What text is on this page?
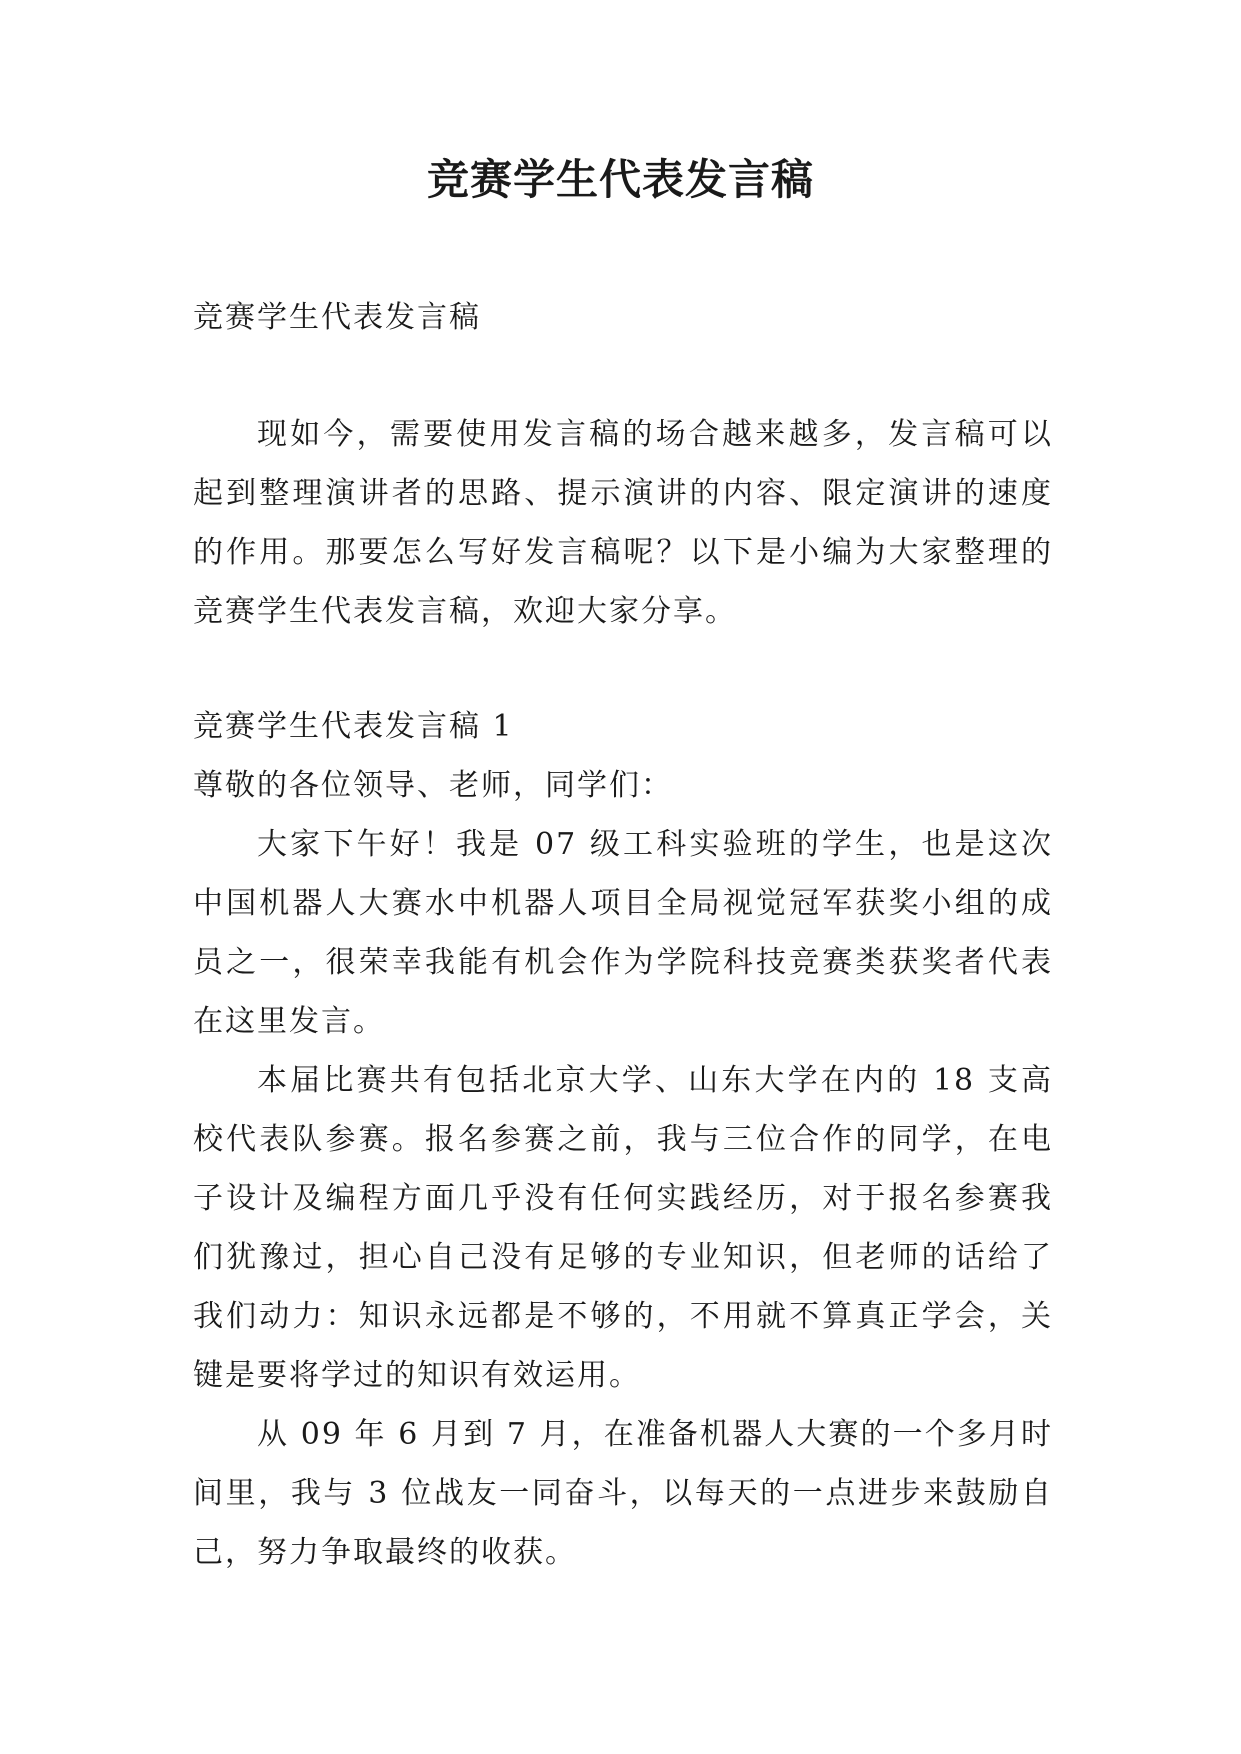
竞赛学生代表发言稿

竞赛学生代表发言稿

现如今，需要使用发言稿的场合越来越多，发言稿可以起到整理演讲者的思路、提示演讲的内容、限定演讲的速度的作用。那要怎么写好发言稿呢？以下是小编为大家整理的竞赛学生代表发言稿，欢迎大家分享。

竞赛学生代表发言稿 1

尊敬的各位领导、老师，同学们：

大家下午好！我是 07 级工科实验班的学生，也是这次中国机器人大赛水中机器人项目全局视觉冠军获奖小组的成员之一，很荣幸我能有机会作为学院科技竞赛类获奖者代表在这里发言。

本届比赛共有包括北京大学、山东大学在内的 18 支高校代表队参赛。报名参赛之前，我与三位合作的同学，在电子设计及编程方面几乎没有任何实践经历，对于报名参赛我们犹豫过，担心自己没有足够的专业知识，但老师的话给了我们动力：知识永远都是不够的，不用就不算真正学会，关键是要将学过的知识有效运用。

从 09 年 6 月到 7 月，在准备机器人大赛的一个多月时间里，我与 3 位战友一同奋斗，以每天的一点进步来鼓励自己，努力争取最终的收获。
